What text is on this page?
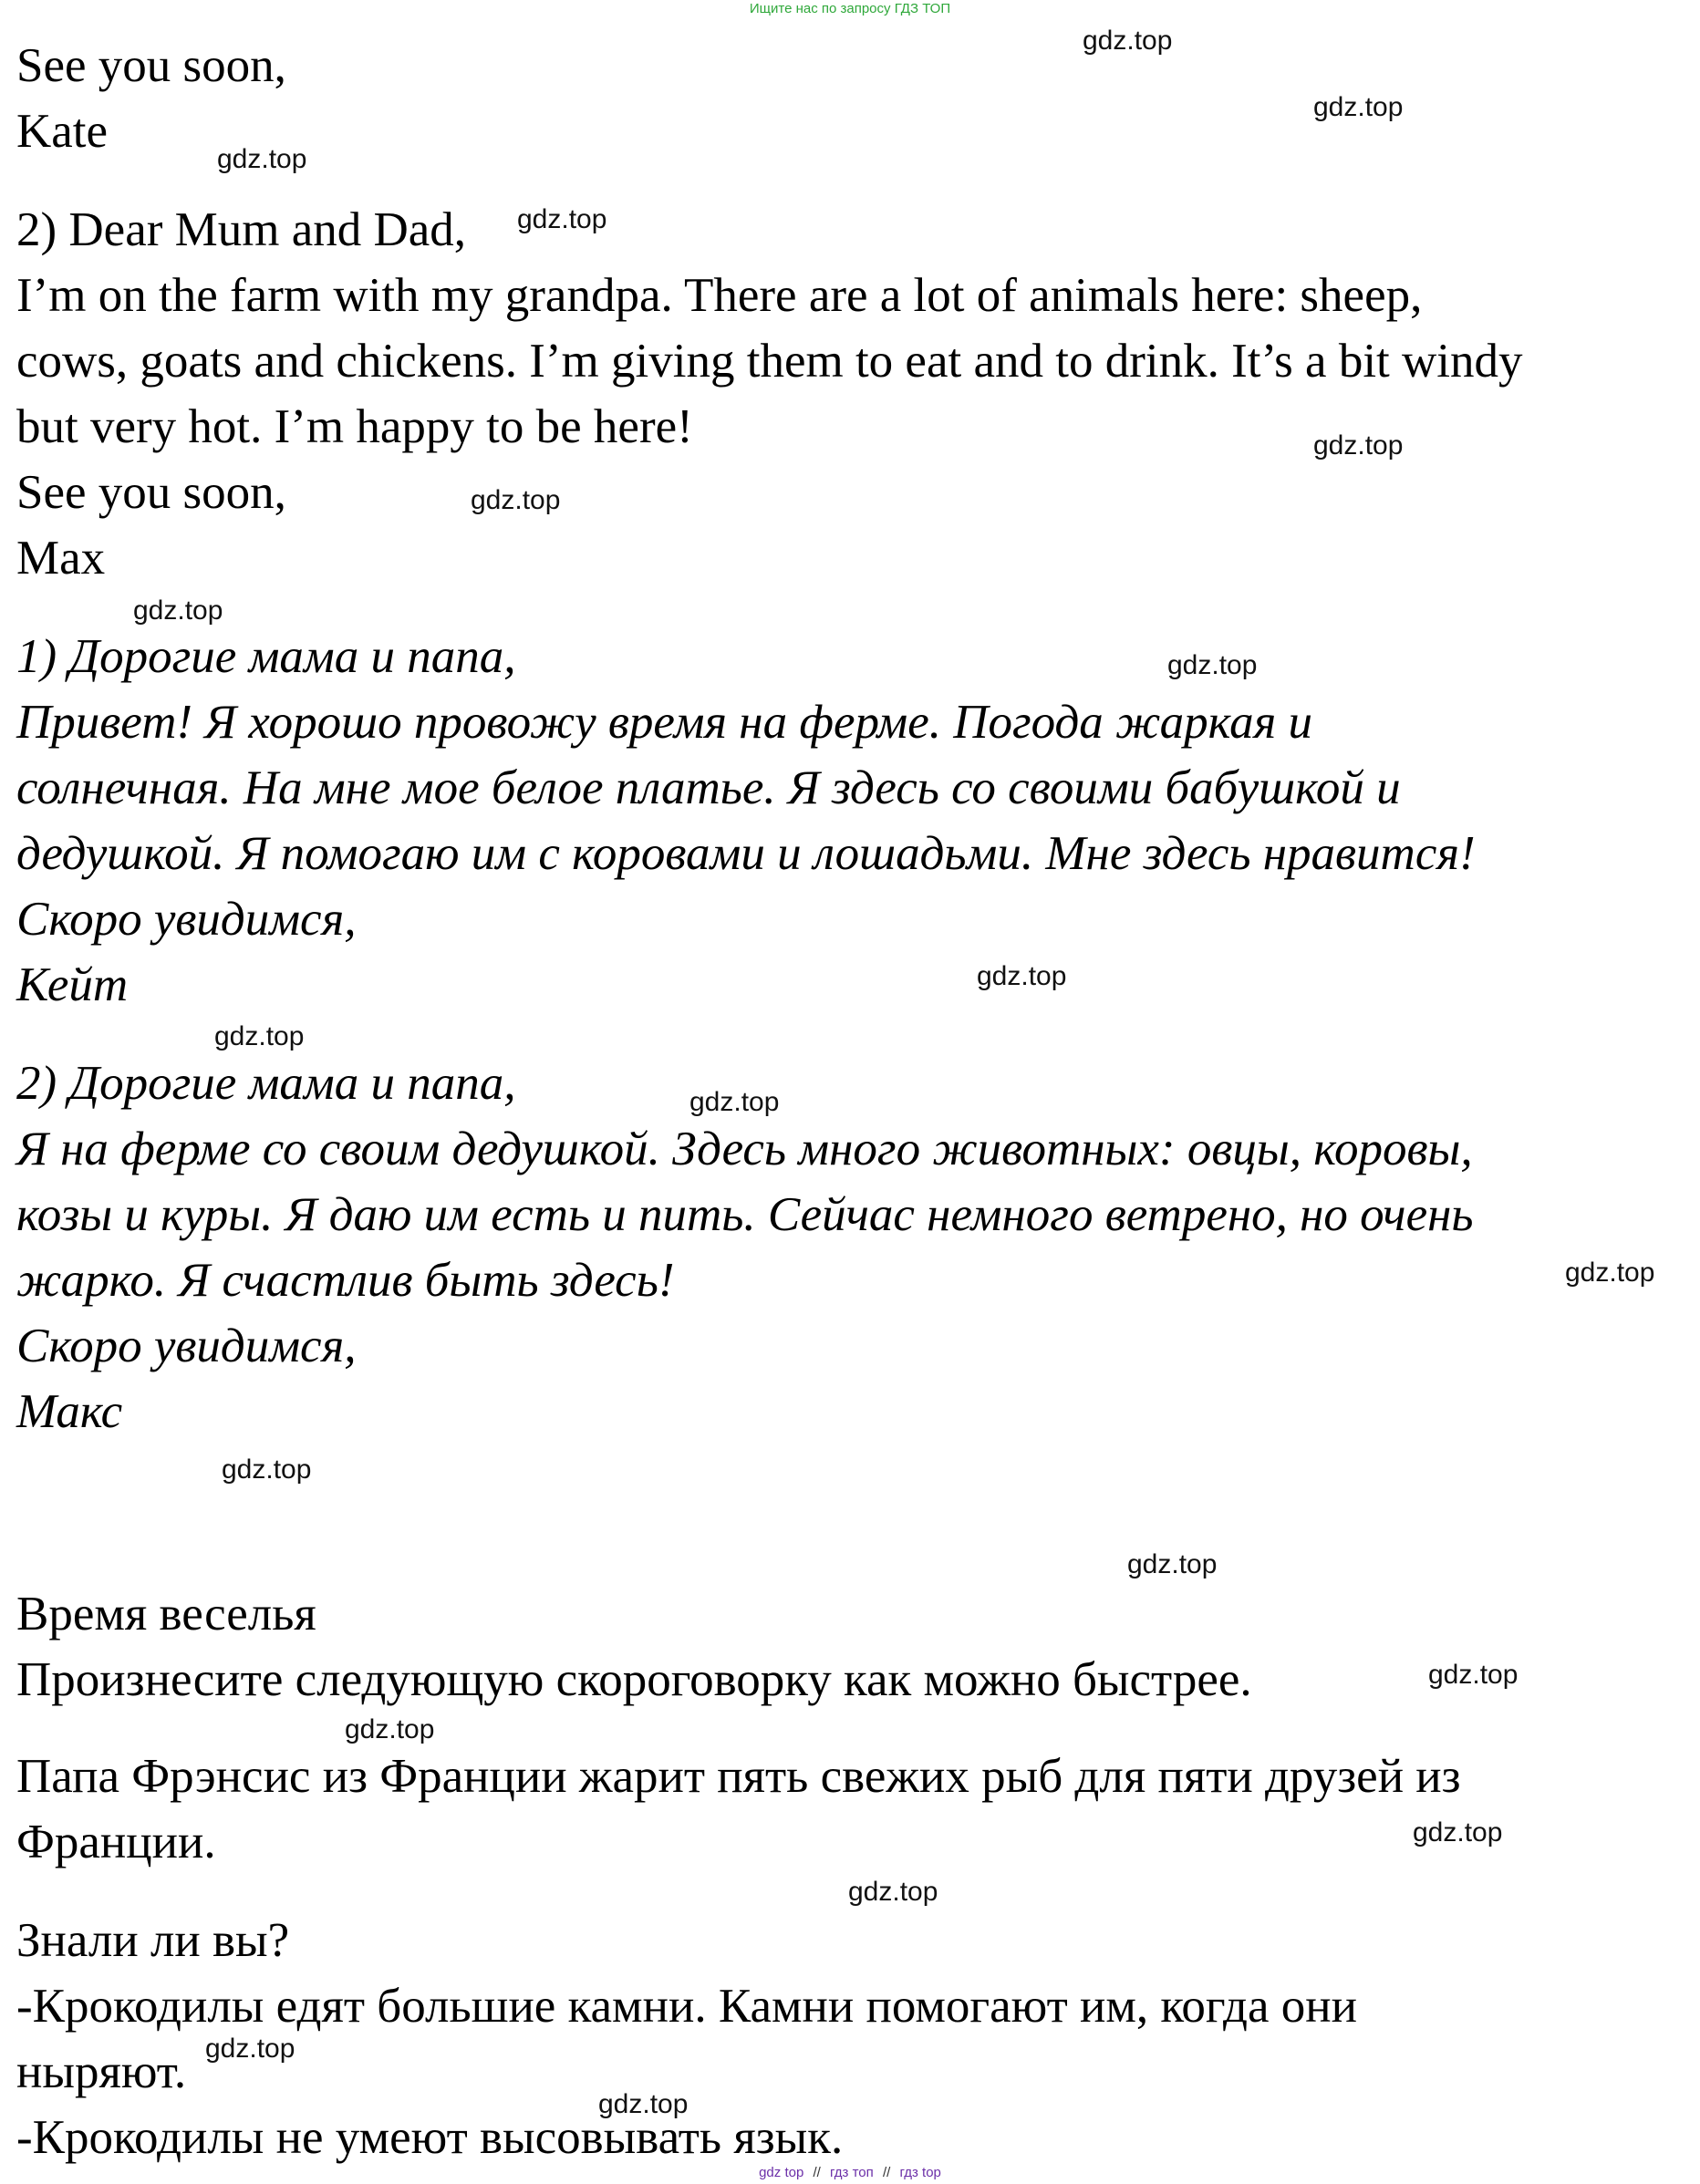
Ищите нас по запросу ГДЗ ТОП
See you soon,
Kate
2) Dear Mum and Dad,
I’m on the farm with my grandpa. There are a lot of animals here: sheep,
cows, goats and chickens. I’m giving them to eat and to drink. It’s a bit windy
but very hot. I’m happy to be here!
See you soon,
Max
1) Дорогие мама и папа,
Привет! Я хорошо провожу время на ферме. Погода жаркая и
солнечная. На мне мое белое платье. Я здесь со своими бабушкой и
дедушкой. Я помогаю им с коровами и лошадьми. Мне здесь нравится!
Скоро увидимся,
Кейт
2) Дорогие мама и папа,
Я на ферме со своим дедушкой. Здесь много животных: овцы, коровы,
козы и куры. Я даю им есть и пить. Сейчас немного ветрено, но очень
жарко. Я счастлив быть здесь!
Скоро увидимся,
Макс
Время веселья
Произнесите следующую скороговорку как можно быстрее.
Папа Фрэнсис из Франции жарит пять свежих рыб для пяти друзей из
Франции.
Знали ли вы?
-Крокодилы едят большие камни. Камни помогают им, когда они
ныряют.
-Крокодилы не умеют высовывать язык.
gdz.top
gdz.top
gdz.top
gdz.top
gdz.top
gdz.top
gdz.top
gdz.top
gdz.top
gdz.top
gdz.top
gdz.top
gdz.top
gdz.top
gdz.top
gdz.top
gdz.top
gdz.top
gdz.top
gdz.top
gdz top // гдз топ // гдз top
